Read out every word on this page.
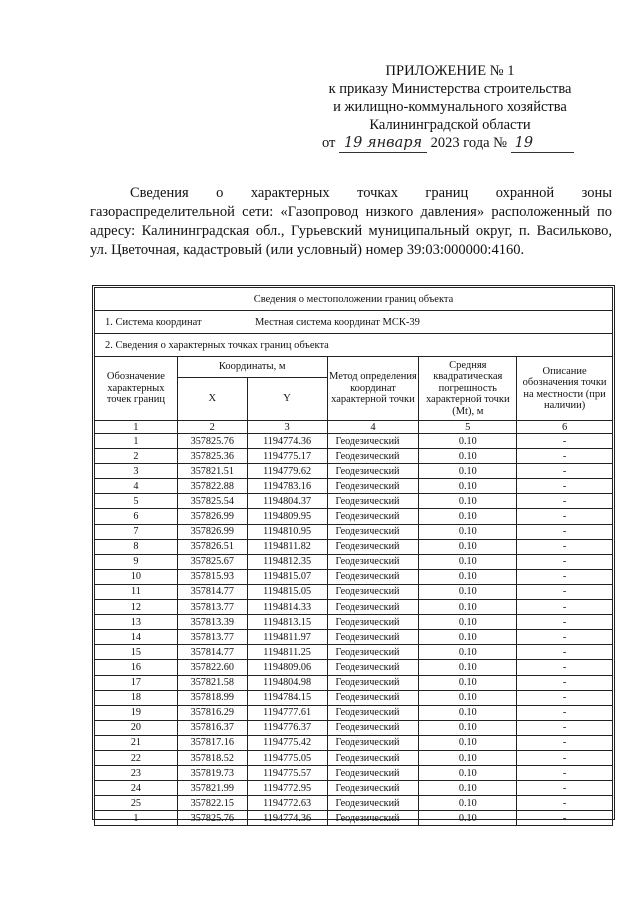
ПРИЛОЖЕНИЕ № 1
к приказу Министерства строительства
и жилищно-коммунального хозяйства
Калининградской области
от 19 января 2023 года № 19
Сведения о характерных точках границ охранной зоны газораспределительной сети: «Газопровод низкого давления» расположенный по адресу: Калининградская обл., Гурьевский муниципальный округ, п. Васильково, ул. Цветочная, кадастровый (или условный) номер 39:03:000000:4160.
Сведения о местоположении границ объекта					
1. Система координат Местная система координат МСК-39					
2. Сведения о характерных точках границ объекта					
Обозначение характерных точек границ	Координаты, м		Метод определения координат характерной точки	Средняя квадратическая погрешность характерной точки (Mt), м	Описание обозначения точки на местности (при наличии)
	X	Y			
1	2	3	4	5	6
1	357825.76	1194774.36	Геодезический	0.10	-
2	357825.36	1194775.17	Геодезический	0.10	-
3	357821.51	1194779.62	Геодезический	0.10	-
4	357822.88	1194783.16	Геодезический	0.10	-
5	357825.54	1194804.37	Геодезический	0.10	-
6	357826.99	1194809.95	Геодезический	0.10	-
7	357826.99	1194810.95	Геодезический	0.10	-
8	357826.51	1194811.82	Геодезический	0.10	-
9	357825.67	1194812.35	Геодезический	0.10	-
10	357815.93	1194815.07	Геодезический	0.10	-
11	357814.77	1194815.05	Геодезический	0.10	-
12	357813.77	1194814.33	Геодезический	0.10	-
13	357813.39	1194813.15	Геодезический	0.10	-
14	357813.77	1194811.97	Геодезический	0.10	-
15	357814.77	1194811.25	Геодезический	0.10	-
16	357822.60	1194809.06	Геодезический	0.10	-
17	357821.58	1194804.98	Геодезический	0.10	-
18	357818.99	1194784.15	Геодезический	0.10	-
19	357816.29	1194777.61	Геодезический	0.10	-
20	357816.37	1194776.37	Геодезический	0.10	-
21	357817.16	1194775.42	Геодезический	0.10	-
22	357818.52	1194775.05	Геодезический	0.10	-
23	357819.73	1194775.57	Геодезический	0.10	-
24	357821.99	1194772.95	Геодезический	0.10	-
25	357822.15	1194772.63	Геодезический	0.10	-
1	357825.76	1194774.36	Геодезический	0.10	-
